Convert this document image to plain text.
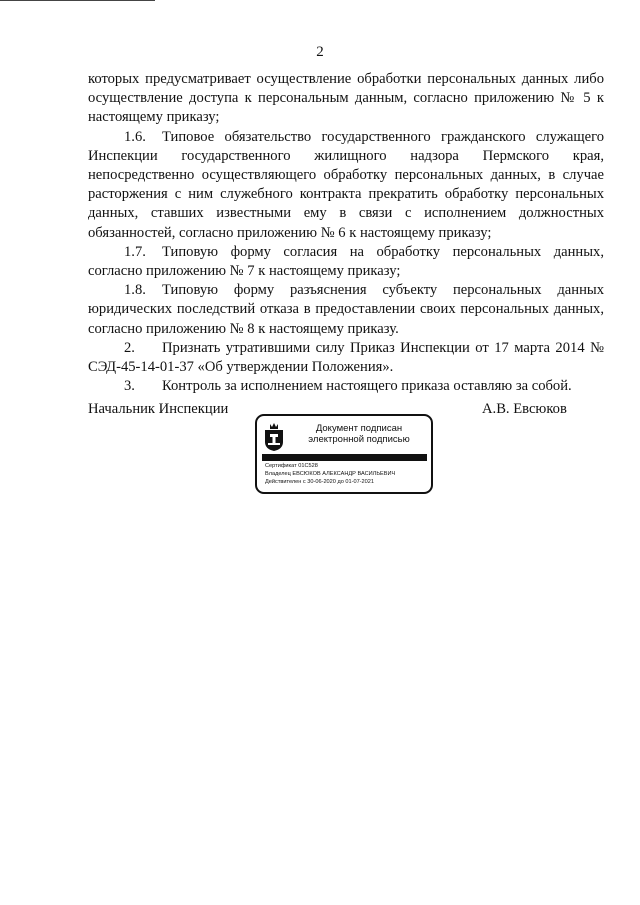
2

которых предусматривает осуществление обработки персональных данных либо осуществление доступа к персональным данным, согласно приложению № 5 к настоящему приказу;

1.6. Типовое обязательство государственного гражданского служащего Инспекции государственного жилищного надзора Пермского края, непосредственно осуществляющего обработку персональных данных, в случае расторжения с ним служебного контракта прекратить обработку персональных данных, ставших известными ему в связи с исполнением должностных обязанностей, согласно приложению № 6 к настоящему приказу;

1.7. Типовую форму согласия на обработку персональных данных, согласно приложению № 7 к настоящему приказу;

1.8. Типовую форму разъяснения субъекту персональных данных юридических последствий отказа в предоставлении своих персональных данных, согласно приложению № 8 к настоящему приказу.

2. Признать утратившими силу Приказ Инспекции от 17 марта 2014 № СЭД-45-14-01-37 «Об утверждении Положения».

3. Контроль за исполнением настоящего приказа оставляю за собой.

Начальник Инспекции	А.В. Евсюков
Документ подписан
электронной подписью
Сертификат 01C528
Владелец ЕВСЮКОВ АЛЕКСАНДР ВАСИЛЬЕВИЧ
Действителен с 30-06-2020 до 01-07-2021
